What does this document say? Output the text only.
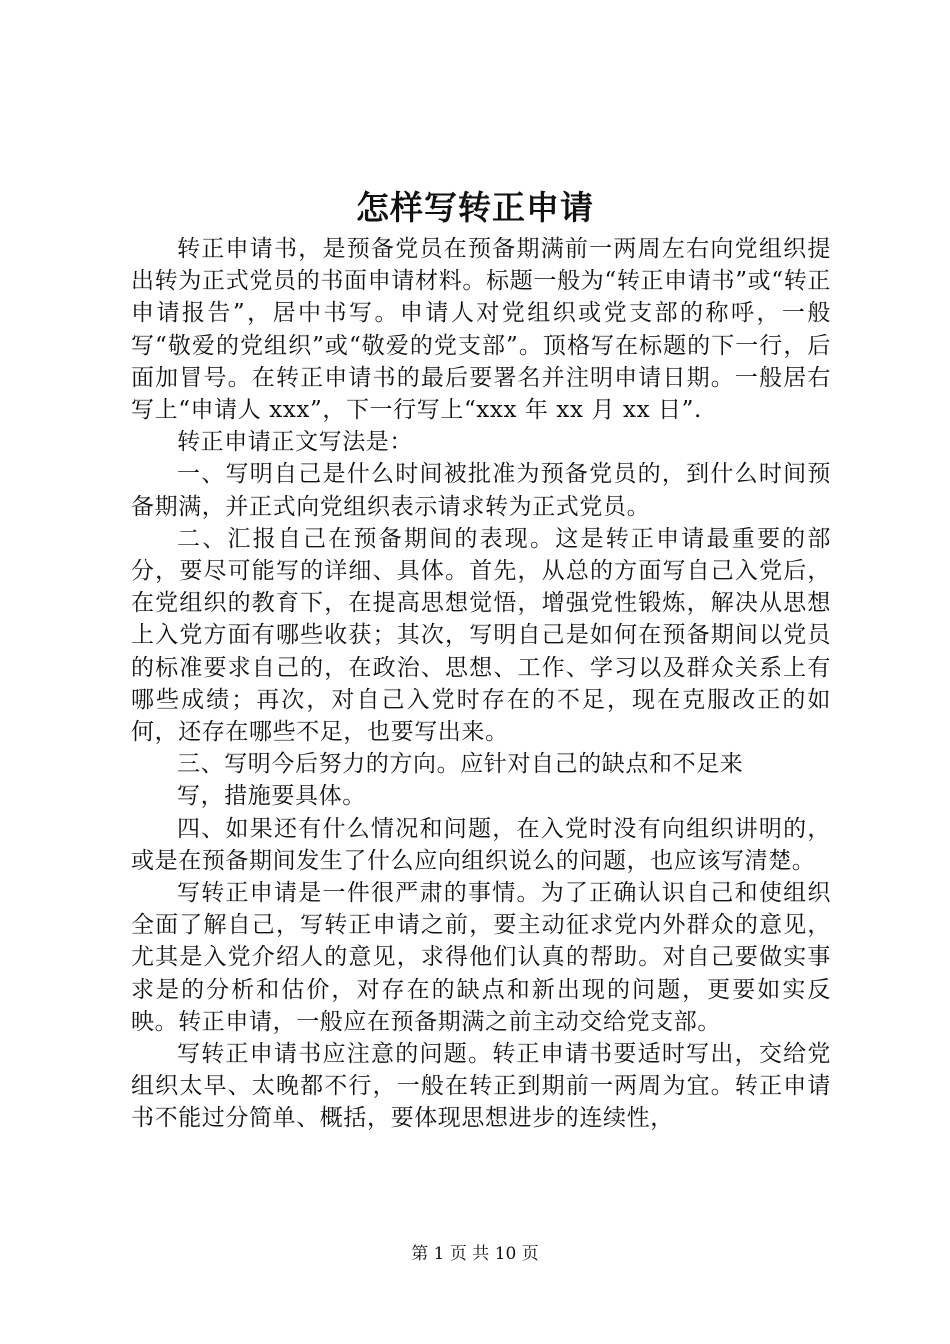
怎样写转正申请

转正申请书，是预备党员在预备期满前一两周左右向党组织提出转为正式党员的书面申请材料。标题一般为“转正申请书”或“转正申请报告”，居中书写。申请人对党组织或党支部的称呼，一般写“敬爱的党组织”或“敬爱的党支部”。顶格写在标题的下一行，后面加冒号。在转正申请书的最后要署名并注明申请日期。一般居右写上“申请人 xxx”，下一行写上“xxx 年 xx 月 xx 日”.

转正申请正文写法是：

一、写明自己是什么时间被批准为预备党员的，到什么时间预备期满，并正式向党组织表示请求转为正式党员。

二、汇报自己在预备期间的表现。这是转正申请最重要的部分，要尽可能写的详细、具体。首先，从总的方面写自己入党后，在党组织的教育下，在提高思想觉悟，增强党性锻炼，解决从思想上入党方面有哪些收获；其次，写明自己是如何在预备期间以党员的标准要求自己的，在政治、思想、工作、学习以及群众关系上有哪些成绩；再次，对自己入党时存在的不足，现在克服改正的如何，还存在哪些不足，也要写出来。

三、写明今后努力的方向。应针对自己的缺点和不足来

写，措施要具体。

四、如果还有什么情况和问题，在入党时没有向组织讲明的，或是在预备期间发生了什么应向组织说么的问题，也应该写清楚。

写转正申请是一件很严肃的事情。为了正确认识自己和使组织全面了解自己，写转正申请之前，要主动征求党内外群众的意见，尤其是入党介绍人的意见，求得他们认真的帮助。对自己要做实事求是的分析和估价，对存在的缺点和新出现的问题，更要如实反映。转正申请，一般应在预备期满之前主动交给党支部。

写转正申请书应注意的问题。转正申请书要适时写出，交给党组织太早、太晚都不行，一般在转正到期前一两周为宜。转正申请书不能过分简单、概括，要体现思想进步的连续性，

第 1 页 共 10 页
